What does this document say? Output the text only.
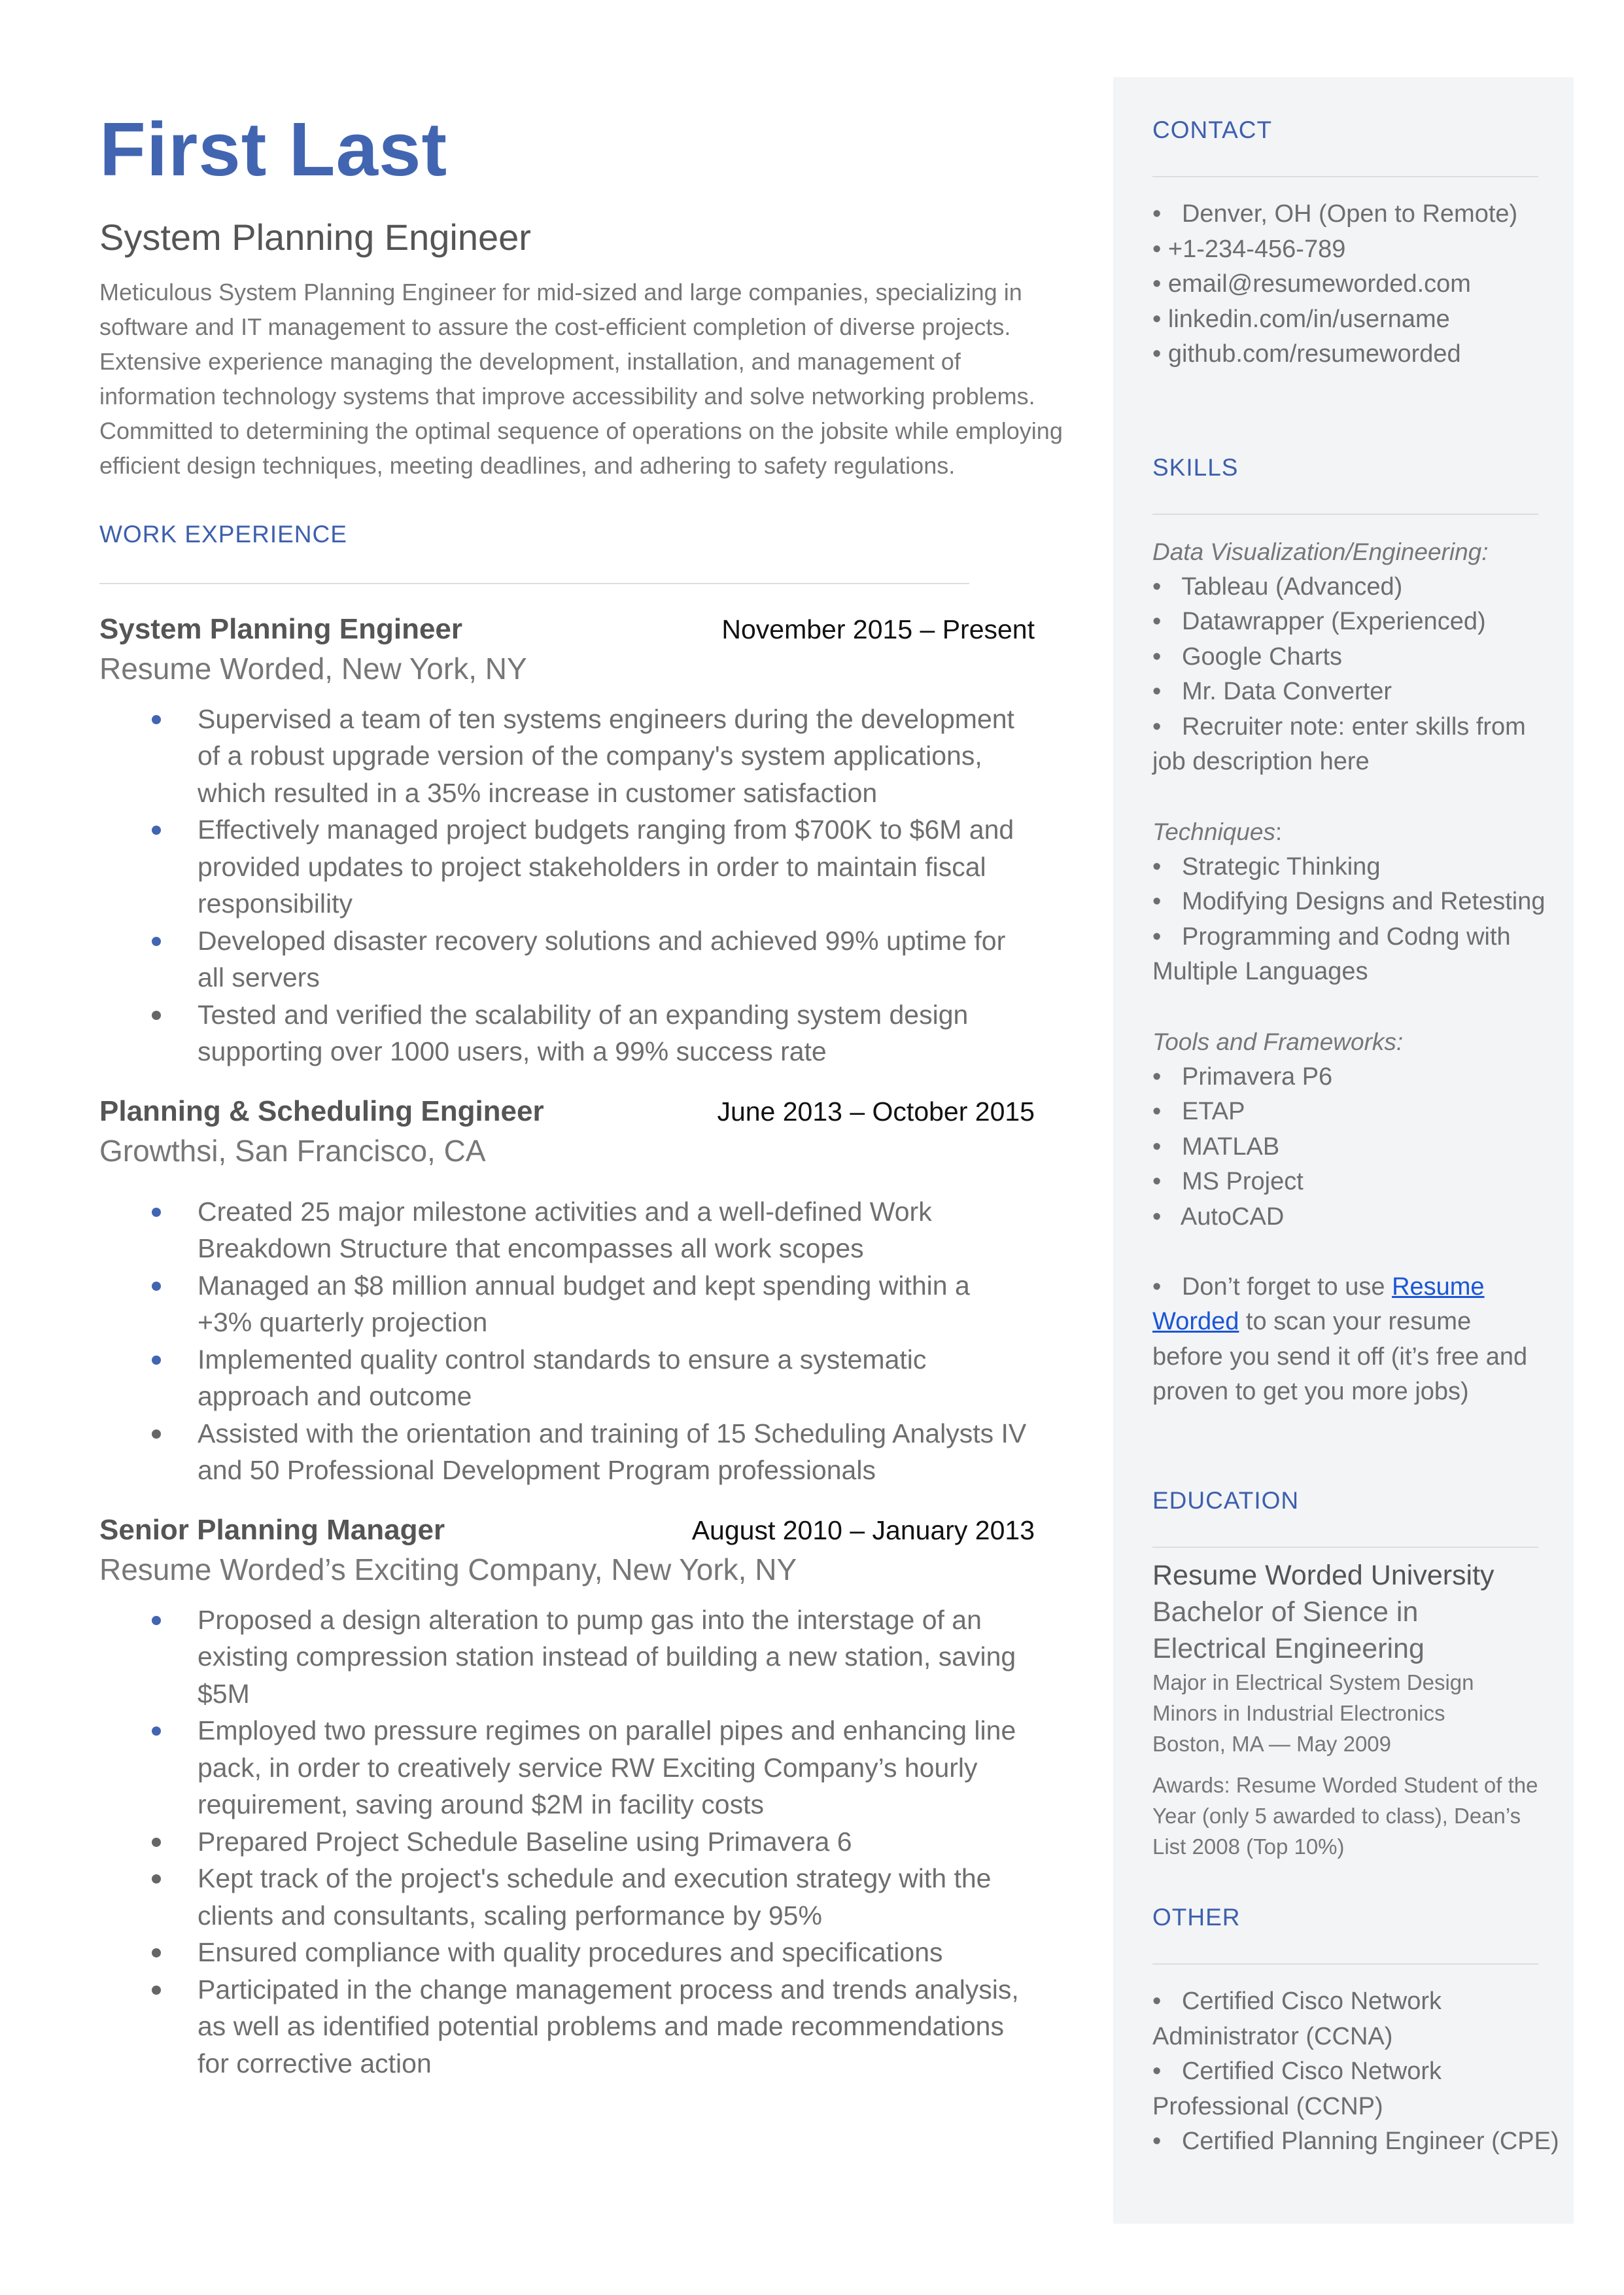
First Last
System Planning Engineer
Meticulous System Planning Engineer for mid-sized and large companies, specializing in software and IT management to assure the cost-efficient completion of diverse projects. Extensive experience managing the development, installation, and management of information technology systems that improve accessibility and solve networking problems. Committed to determining the optimal sequence of operations on the jobsite while employing efficient design techniques, meeting deadlines, and adhering to safety regulations.
WORK EXPERIENCE
System Planning Engineer	November 2015 – Present
Resume Worded, New York, NY
Supervised a team of ten systems engineers during the development of a robust upgrade version of the company's system applications, which resulted in a 35% increase in customer satisfaction
Effectively managed project budgets ranging from $700K to $6M and provided updates to project stakeholders in order to maintain fiscal responsibility
Developed disaster recovery solutions and achieved 99% uptime for all servers
Tested and verified the scalability of an expanding system design supporting over 1000 users, with a 99% success rate
Planning & Scheduling Engineer	June 2013 – October 2015
Growthsi, San Francisco, CA
Created 25 major milestone activities and a well-defined Work Breakdown Structure that encompasses all work scopes
Managed an $8 million annual budget and kept spending within a +3% quarterly projection
Implemented quality control standards to ensure a systematic approach and outcome
Assisted with the orientation and training of 15 Scheduling Analysts IV and 50 Professional Development Program professionals
Senior Planning Manager	August 2010 – January 2013
Resume Worded’s Exciting Company, New York, NY
Proposed a design alteration to pump gas into the interstage of an existing compression station instead of building a new station, saving $5M
Employed two pressure regimes on parallel pipes and enhancing line pack, in order to creatively service RW Exciting Company’s hourly requirement, saving around $2M in facility costs
Prepared Project Schedule Baseline using Primavera 6
Kept track of the project's schedule and execution strategy with the clients and consultants, scaling performance by 95%
Ensured compliance with quality procedures and specifications
Participated in the change management process and trends analysis, as well as identified potential problems and made recommendations for corrective action
CONTACT
•   Denver, OH (Open to Remote)
• +1-234-456-789
• email@resumeworded.com
• linkedin.com/in/username
• github.com/resumeworded
SKILLS
Data Visualization/Engineering:
•   Tableau (Advanced)
•   Datawrapper (Experienced)
•   Google Charts
•   Mr. Data Converter
•   Recruiter note: enter skills from job description here
Techniques:
•   Strategic Thinking
•   Modifying Designs and Retesting
•   Programming and Codng with Multiple Languages
Tools and Frameworks:
•   Primavera P6
•   ETAP
•   MATLAB
•   MS Project
•   AutoCAD
•   Don’t forget to use Resume Worded to scan your resume before you send it off (it’s free and proven to get you more jobs)
EDUCATION
Resume Worded University
Bachelor of Sience in Electrical Engineering
Major in Electrical System Design
Minors in Industrial Electronics
Boston, MA — May 2009
Awards: Resume Worded Student of the Year (only 5 awarded to class), Dean’s List 2008 (Top 10%)
OTHER
•   Certified Cisco Network Administrator (CCNA)
•   Certified Cisco Network Professional (CCNP)
•   Certified Planning Engineer (CPE)
